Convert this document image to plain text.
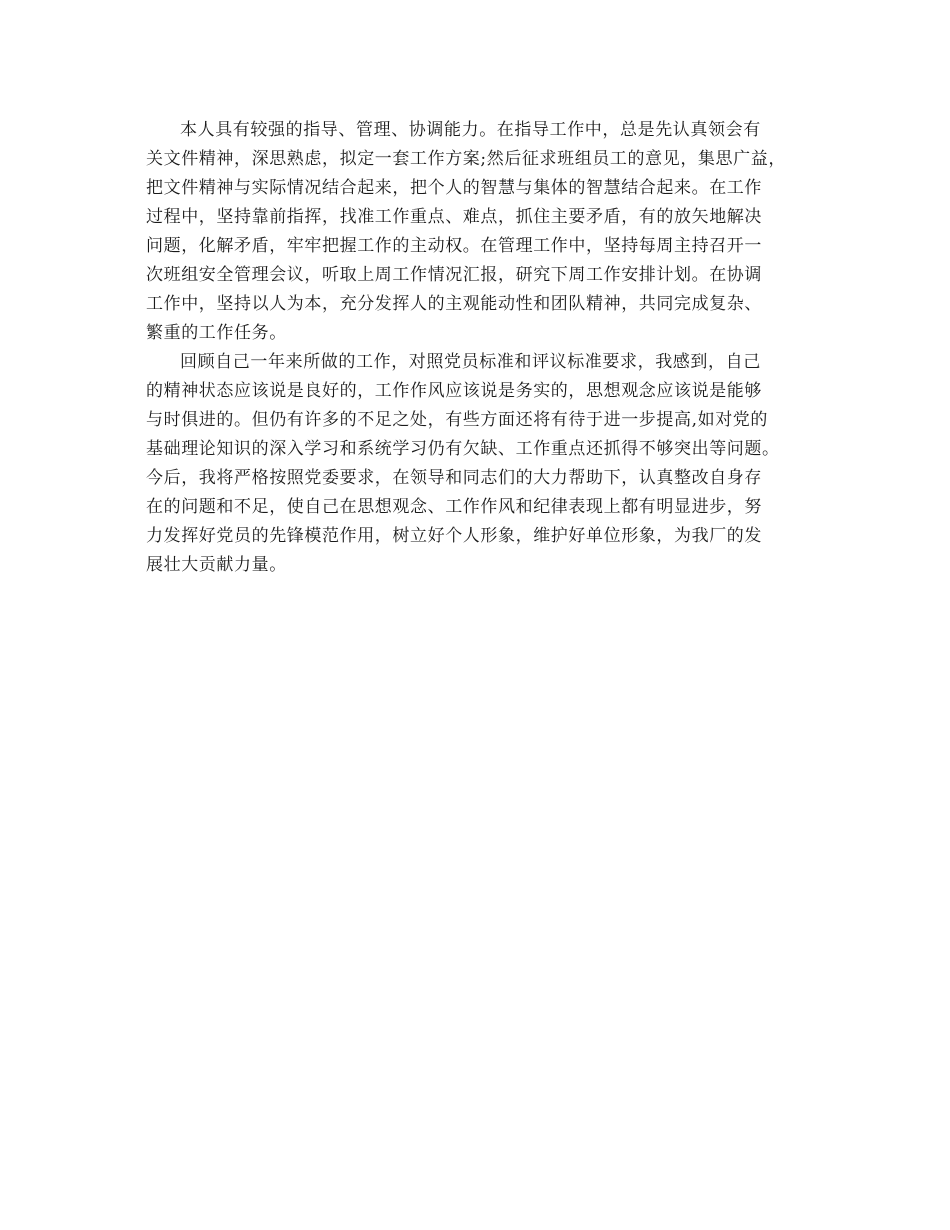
本人具有较强的指导、管理、协调能力。在指导工作中，总是先认真领会有
关文件精神，深思熟虑，拟定一套工作方案;然后征求班组员工的意见，集思广益，
把文件精神与实际情况结合起来，把个人的智慧与集体的智慧结合起来。在工作
过程中，坚持靠前指挥，找准工作重点、难点，抓住主要矛盾，有的放矢地解决
问题，化解矛盾，牢牢把握工作的主动权。在管理工作中，坚持每周主持召开一
次班组安全管理会议，听取上周工作情况汇报，研究下周工作安排计划。在协调
工作中，坚持以人为本，充分发挥人的主观能动性和团队精神，共同完成复杂、
繁重的工作任务。
回顾自己一年来所做的工作，对照党员标准和评议标准要求，我感到，自己
的精神状态应该说是良好的，工作作风应该说是务实的，思想观念应该说是能够
与时俱进的。但仍有许多的不足之处，有些方面还将有待于进一步提高,如对党的
基础理论知识的深入学习和系统学习仍有欠缺、工作重点还抓得不够突出等问题。
今后，我将严格按照党委要求，在领导和同志们的大力帮助下，认真整改自身存
在的问题和不足，使自己在思想观念、工作作风和纪律表现上都有明显进步，努
力发挥好党员的先锋模范作用，树立好个人形象，维护好单位形象，为我厂的发
展壮大贡献力量。
